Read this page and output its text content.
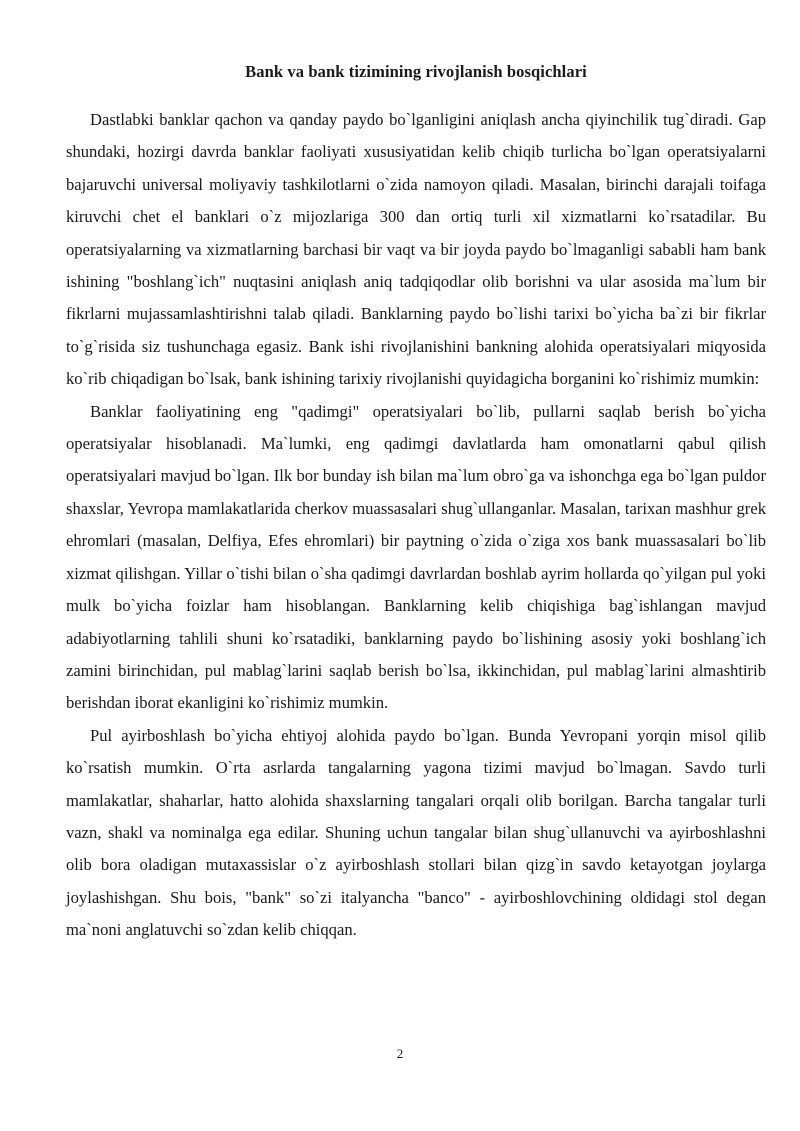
Bank va bank tizimining rivojlanish bosqichlari

Dastlabki banklar qachon va qanday paydo bo`lganligini aniqlash ancha qiyinchilik tug`diradi. Gap shundaki, hozirgi davrda banklar faoliyati xususiyatidan kelib chiqib turlicha bo`lgan operatsiyalarni bajaruvchi universal moliyaviy tashkilotlarni o`zida namoyon qiladi. Masalan, birinchi darajali toifaga kiruvchi chet el banklari o`z mijozlariga 300 dan ortiq turli xil xizmatlarni ko`rsatadilar. Bu operatsiyalarning va xizmatlarning barchasi bir vaqt va bir joyda paydo bo`lmaganligi sababli ham bank ishining "boshlang`ich" nuqtasini aniqlash aniq tadqiqodlar olib borishni va ular asosida ma`lum bir fikrlarni mujassamlashtirishni talab qiladi. Banklarning paydo bo`lishi tarixi bo`yicha ba`zi bir fikrlar to`g`risida siz tushunchaga egasiz. Bank ishi rivojlanishini bankning alohida operatsiyalari miqyosida ko`rib chiqadigan bo`lsak, bank ishining tarixiy rivojlanishi quyidagicha borganini ko`rishimiz mumkin:

Banklar faoliyatining eng "qadimgi" operatsiyalari bo`lib, pullarni saqlab berish bo`yicha operatsiyalar hisoblanadi. Ma`lumki, eng qadimgi davlatlarda ham omonatlarni qabul qilish operatsiyalari mavjud bo`lgan. Ilk bor bunday ish bilan ma`lum obro`ga va ishonchga ega bo`lgan puldor shaxslar, Yevropa mamlakatlarida cherkov muassasalari shug`ullanganlar. Masalan, tarixan mashhur grek ehromlari (masalan, Delfiya, Efes ehromlari) bir paytning o`zida o`ziga xos bank muassasalari bo`lib xizmat qilishgan. Yillar o`tishi bilan o`sha qadimgi davrlardan boshlab ayrim hollarda qo`yilgan pul yoki mulk bo`yicha foizlar ham hisoblangan. Banklarning kelib chiqishiga bag`ishlangan mavjud adabiyotlarning tahlili shuni ko`rsatadiki, banklarning paydo bo`lishining asosiy yoki boshlang`ich zamini birinchidan, pul mablag`larini saqlab berish bo`lsa, ikkinchidan, pul mablag`larini almashtirib berishdan iborat ekanligini ko`rishimiz mumkin.

Pul ayirboshlash bo`yicha ehtiyoj alohida paydo bo`lgan. Bunda Yevropani yorqin misol qilib ko`rsatish mumkin. O`rta asrlarda tangalarning yagona tizimi mavjud bo`lmagan. Savdo turli mamlakatlar, shaharlar, hatto alohida shaxslarning tangalari orqali olib borilgan. Barcha tangalar turli vazn, shakl va nominalga ega edilar. Shuning uchun tangalar bilan shug`ullanuvchi va ayirboshlashni olib bora oladigan mutaxassislar o`z ayirboshlash stollari bilan qizg`in savdo ketayotgan joylarga joylashishgan. Shu bois, "bank" so`zi italyancha "banco" - ayirboshlovchining oldidagi stol degan ma`noni anglatuvchi so`zdan kelib chiqqan.

2
